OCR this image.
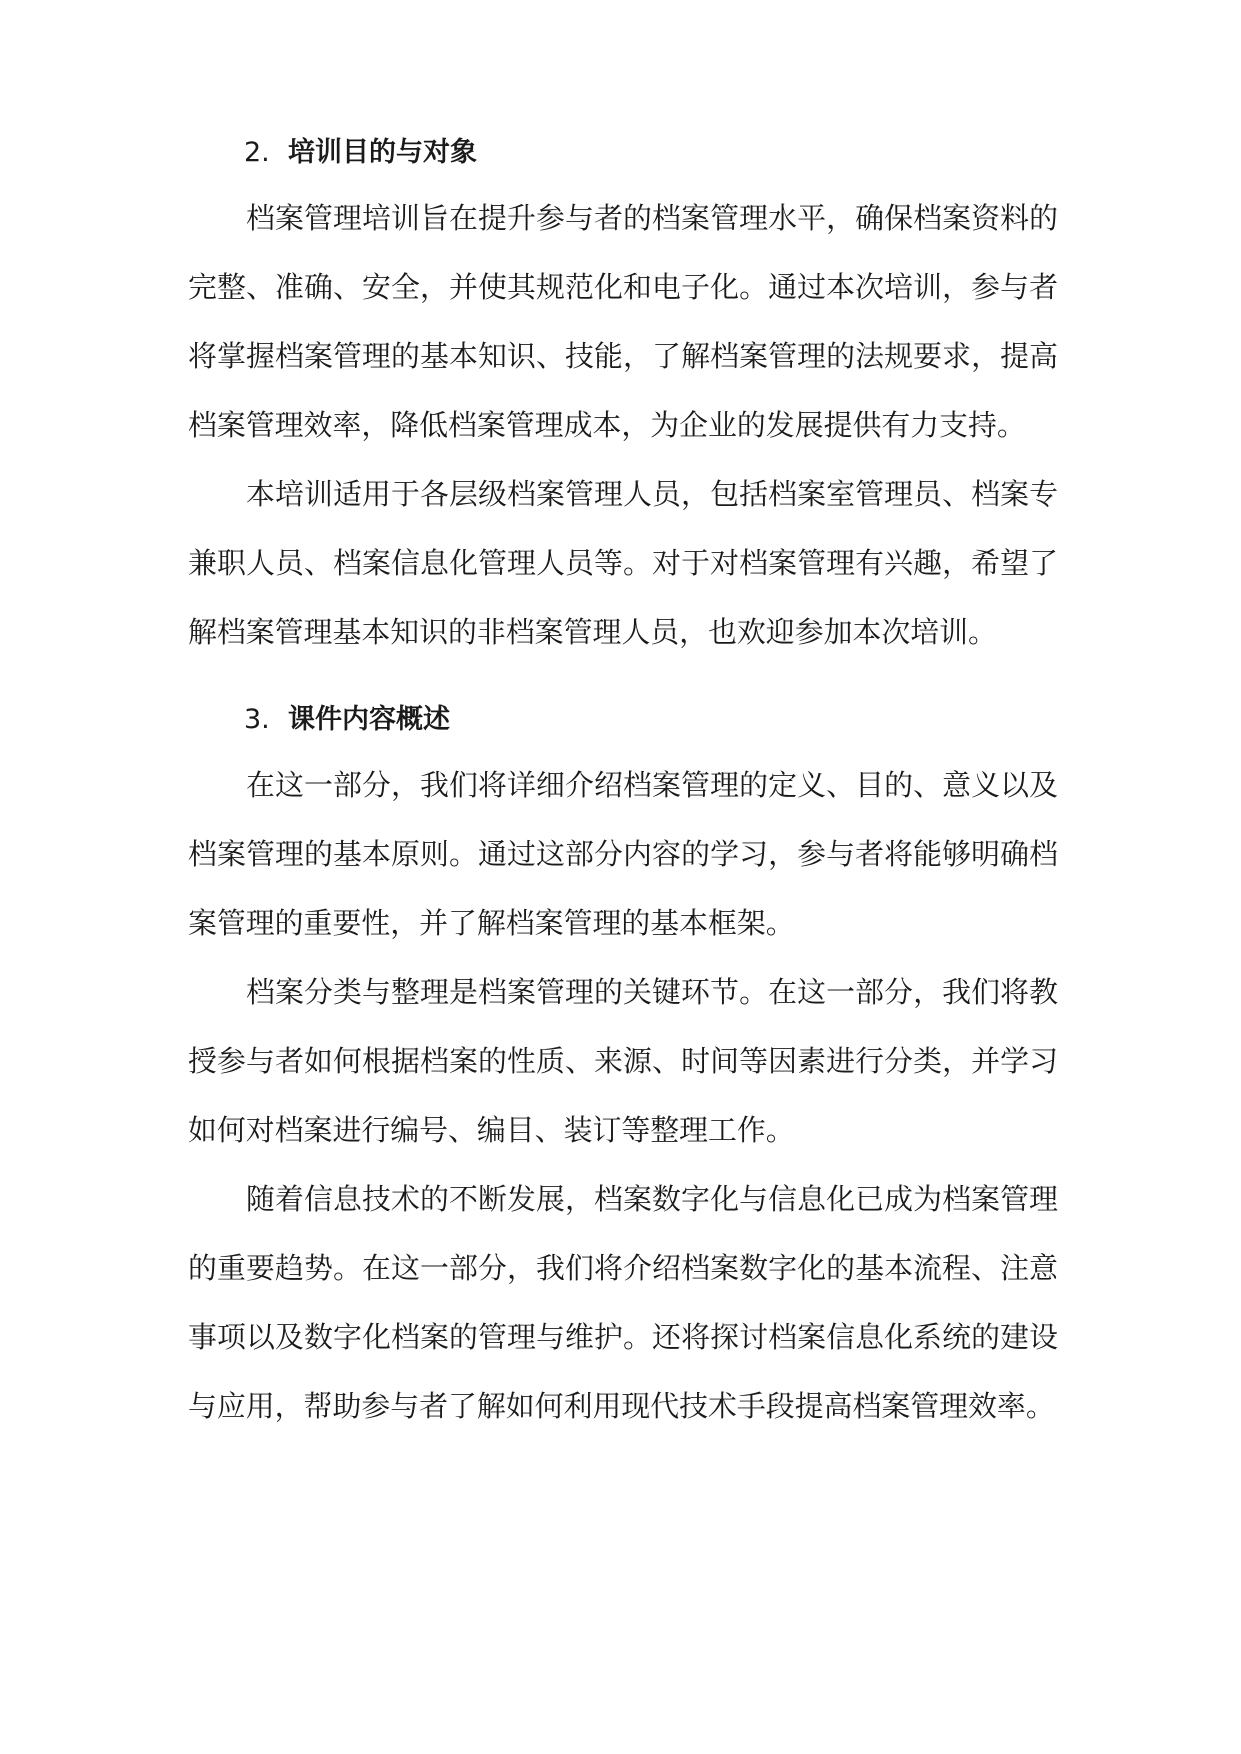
2. 培训目的与对象

档案管理培训旨在提升参与者的档案管理水平，确保档案资料的完整、准确、安全，并使其规范化和电子化。通过本次培训，参与者将掌握档案管理的基本知识、技能，了解档案管理的法规要求，提高档案管理效率，降低档案管理成本，为企业的发展提供有力支持。

本培训适用于各层级档案管理人员，包括档案室管理员、档案专兼职人员、档案信息化管理人员等。对于对档案管理有兴趣，希望了解档案管理基本知识的非档案管理人员，也欢迎参加本次培训。

3. 课件内容概述

在这一部分，我们将详细介绍档案管理的定义、目的、意义以及档案管理的基本原则。通过这部分内容的学习，参与者将能够明确档案管理的重要性，并了解档案管理的基本框架。

档案分类与整理是档案管理的关键环节。在这一部分，我们将教授参与者如何根据档案的性质、来源、时间等因素进行分类，并学习如何对档案进行编号、编目、装订等整理工作。

随着信息技术的不断发展，档案数字化与信息化已成为档案管理的重要趋势。在这一部分，我们将介绍档案数字化的基本流程、注意事项以及数字化档案的管理与维护。还将探讨档案信息化系统的建设与应用，帮助参与者了解如何利用现代技术手段提高档案管理效率。
